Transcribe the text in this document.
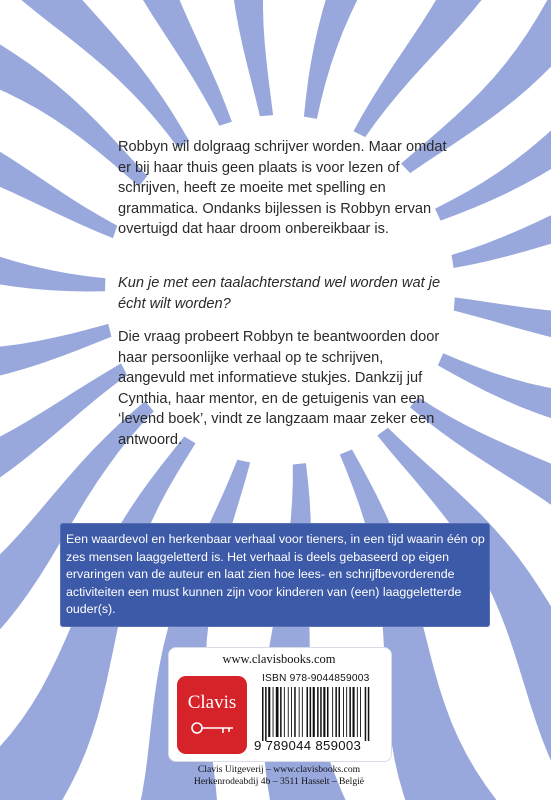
Robbyn wil dolgraag schrijver worden. Maar omdat er bij haar thuis geen plaats is voor lezen of schrijven, heeft ze moeite met spelling en grammatica. Ondanks bijlessen is Robbyn ervan overtuigd dat haar droom onbereikbaar is.
Kun je met een taalachterstand wel worden wat je écht wilt worden?
Die vraag probeert Robbyn te beantwoorden door haar persoonlijke verhaal op te schrijven, aangevuld met informatieve stukjes. Dankzij juf Cynthia, haar mentor, en de getuigenis van een ‘levend boek’, vindt ze langzaam maar zeker een antwoord.
Een waardevol en herkenbaar verhaal voor tieners, in een tijd waarin één op zes mensen laaggeletterd is. Het verhaal is deels gebaseerd op eigen ervaringen van de auteur en laat zien hoe lees- en schrijfbevorderende activiteiten een must kunnen zijn voor kinderen van (een) laaggeletterde ouder(s).
www.clavisbooks.com
Clavis
ISBN 978-9044859003
9 789044 859003
Clavis Uitgeverij – www.clavisbooks.com
Herkenrodeabdij 4b – 3511 Hasselt – België
